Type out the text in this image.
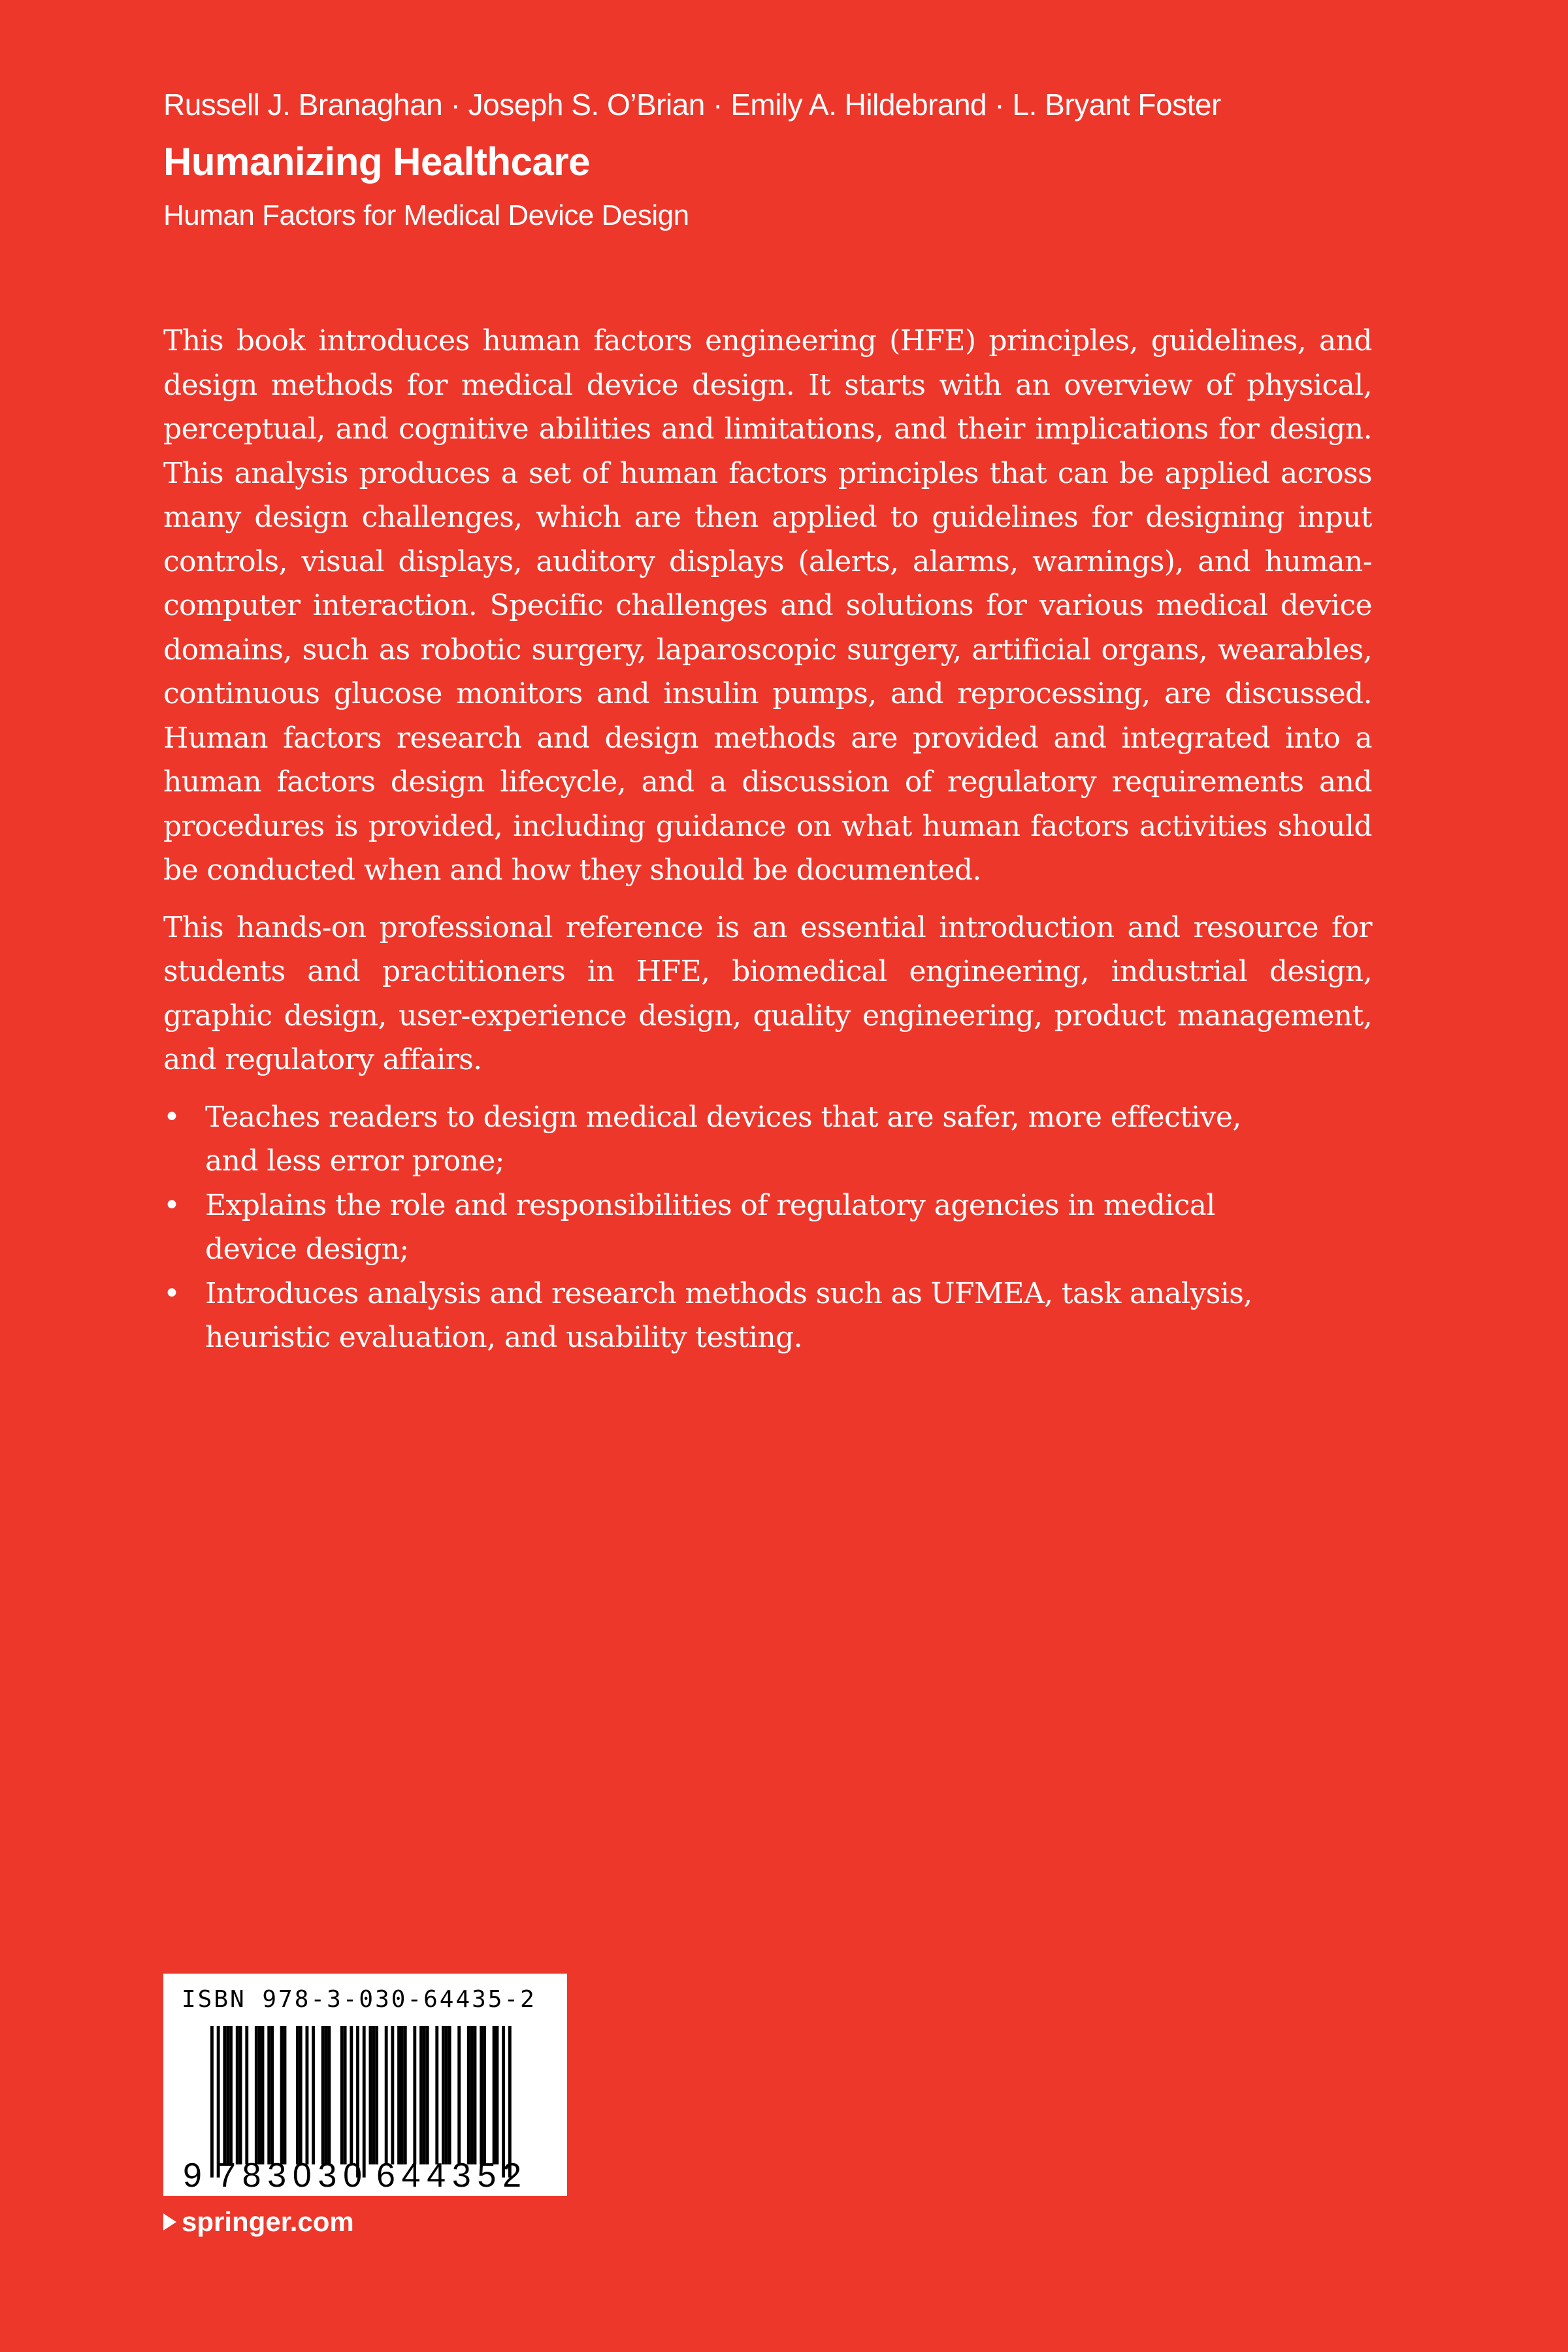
Russell J. Branaghan · Joseph S. O’Brian · Emily A. Hildebrand · L. Bryant Foster
Humanizing Healthcare
Human Factors for Medical Device Design

This book introduces human factors engineering (HFE) principles, guidelines, and design methods for medical device design. It starts with an overview of physical, perceptual, and cognitive abilities and limitations, and their implications for design. This analysis produces a set of human factors principles that can be applied across many design challenges, which are then applied to guidelines for designing input controls, visual displays, auditory displays (alerts, alarms, warnings), and human-computer interaction. Specific challenges and solutions for various medical device domains, such as robotic surgery, laparoscopic surgery, artificial organs, wearables, continuous glucose monitors and insulin pumps, and reprocessing, are discussed. Human factors research and design methods are provided and integrated into a human factors design lifecycle, and a discussion of regulatory requirements and procedures is provided, including guidance on what human factors activities should be conducted when and how they should be documented.

This hands-on professional reference is an essential introduction and resource for students and practitioners in HFE, biomedical engineering, industrial design, graphic design, user-experience design, quality engineering, product management, and regulatory affairs.

• Teaches readers to design medical devices that are safer, more effective, and less error prone;
• Explains the role and responsibilities of regulatory agencies in medical device design;
• Introduces analysis and research methods such as UFMEA, task analysis, heuristic evaluation, and usability testing.
9 783030 644352
ISBN 978-3-030-64435-2
springer.com
